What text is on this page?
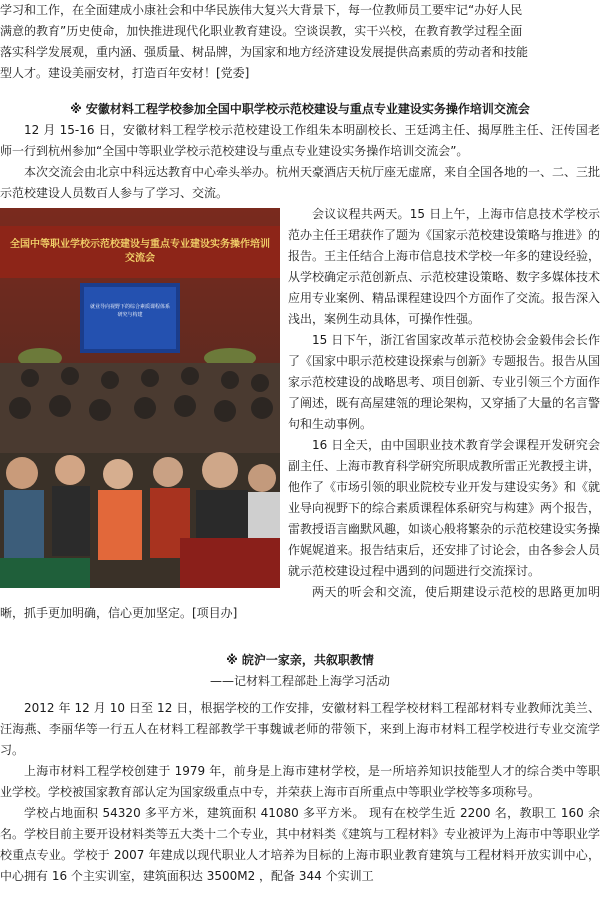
学习和工作，在全面建成小康社会和中华民族伟大复兴大背景下，每一位教师员工要牢记“办好人民

满意的教育”历史使命，加快推进现代化职业教育建设。空谈误教，实干兴校，在教育教学过程全面

落实科学发展观，重内涵、强质量、树品牌，为国家和地方经济建设发展提供高素质的劳动者和技能

型人才。建设美丽安材，打造百年安材！[党委]

※ 安徽材料工程学校参加全国中职学校示范校建设与重点专业建设实务操作培训交流会

12 月 15-16 日，安徽材料工程学校示范校建设工作组朱本明副校长、王廷鸿主任、揭厚胜主任、汪传国老师一行到杭州参加“全国中等职业学校示范校建设与重点专业建设实务操作培训交流会”。

本次交流会由北京中科远达教育中心牵头举办。杭州天豪酒店天杭厅座无虚席，来自全国各地的一、二、三批示范校建设人员数百人参与了学习、交流。

全国中等职业学校示范校建设与重点专业建设实务操作培训交流会
就业导向视野下的综合素质课程体系研究与构建

会议议程共两天。15 日上午，上海市信息技术学校示范办主任王珺获作了题为《国家示范校建设策略与推进》的报告。王主任结合上海市信息技术学校一年多的建设经验，从学校确定示范创新点、示范校建设策略、数字多媒体技术应用专业案例、精品课程建设四个方面作了交流。报告深入浅出，案例生动具体，可操作性强。

15 日下午，浙江省国家改革示范校协会金毅伟会长作了《国家中职示范校建设探索与创新》专题报告。报告从国家示范校建设的战略思考、项目创新、专业引领三个方面作了阐述，既有高屋建瓴的理论架构，又穿插了大量的名言警句和生动事例。

16 日全天，由中国职业技术教育学会课程开发研究会副主任、上海市教育科学研究所职成教所雷正光教授主讲，他作了《市场引领的职业院校专业开发与建设实务》和《就业导向视野下的综合素质课程体系研究与构建》两个报告，雷教授语言幽默风趣，如谈心般将繁杂的示范校建设实务操作娓娓道来。报告结束后，还安排了讨论会，由各参会人员就示范校建设过程中遇到的问题进行交流探讨。

两天的听会和交流，使后期建设示范校的思路更加明晰，抓手更加明确，信心更加坚定。[项目办]

※ 皖沪一家亲，共叙职教情

——记材料工程部赴上海学习活动

2012 年 12 月 10 日至 12 日，根据学校的工作安排，安徽材料工程学校材料工程部材料专业教师沈美兰、汪海燕、李丽华等一行五人在材料工程部教学干事魏诚老师的带领下，来到上海市材料工程学校进行专业交流学习。

上海市材料工程学校创建于 1979 年，前身是上海市建材学校，是一所培养知识技能型人才的综合类中等职业学校。学校被国家教育部认定为国家级重点中专，并荣获上海市百所重点中等职业学校等多项称号。

学校占地面积 54320 多平方米，建筑面积 41080 多平方米。 现有在校学生近 2200 名，教职工 160 余名。学校目前主要开设材料类等五大类十二个专业，其中材料类《建筑与工程材料》专业被评为上海市中等职业学校重点专业。学校于 2007 年建成以现代职业人才培养为目标的上海市职业教育建筑与工程材料开放实训中心，中心拥有 16 个主实训室，建筑面积达 3500M2 ，配备 344 个实训工
